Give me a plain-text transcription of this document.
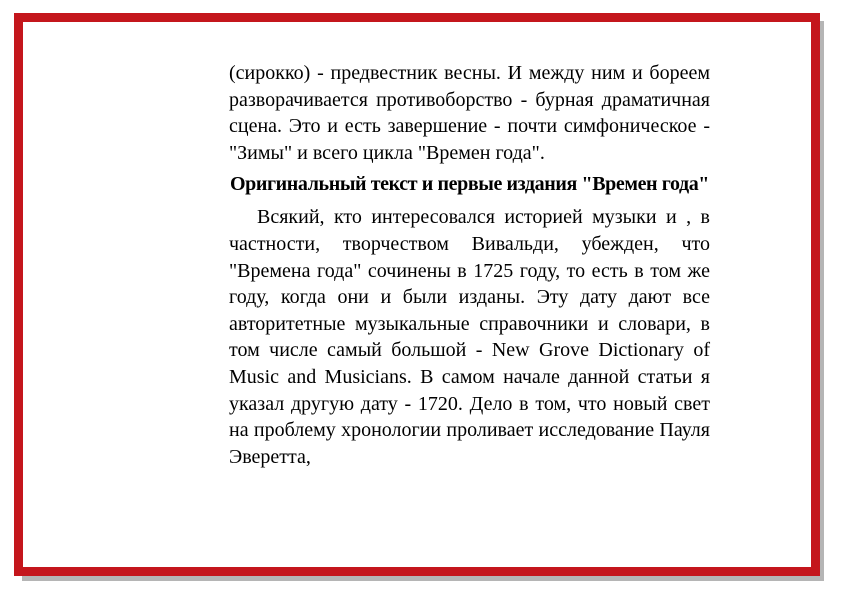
(сирокко) - предвестник весны. И между ним и бореем разворачивается противоборство - бурная драматичная сцена. Это и есть завершение - почти симфоническое - "Зимы" и всего цикла "Времен года".

Оригинальный текст и первые издания "Времен года"

Всякий, кто интересовался историей музыки и , в частности, творчеством Вивальди, убежден, что "Времена года" сочинены в 1725 году, то есть в том же году, когда они и были изданы. Эту дату дают все авторитетные музыкальные справочники и словари, в том числе самый большой - New Grove Dictionary of Music and Musicians. В самом начале данной статьи я указал другую дату - 1720. Дело в том, что новый свет на проблему хронологии проливает исследование Пауля Эверетта,
